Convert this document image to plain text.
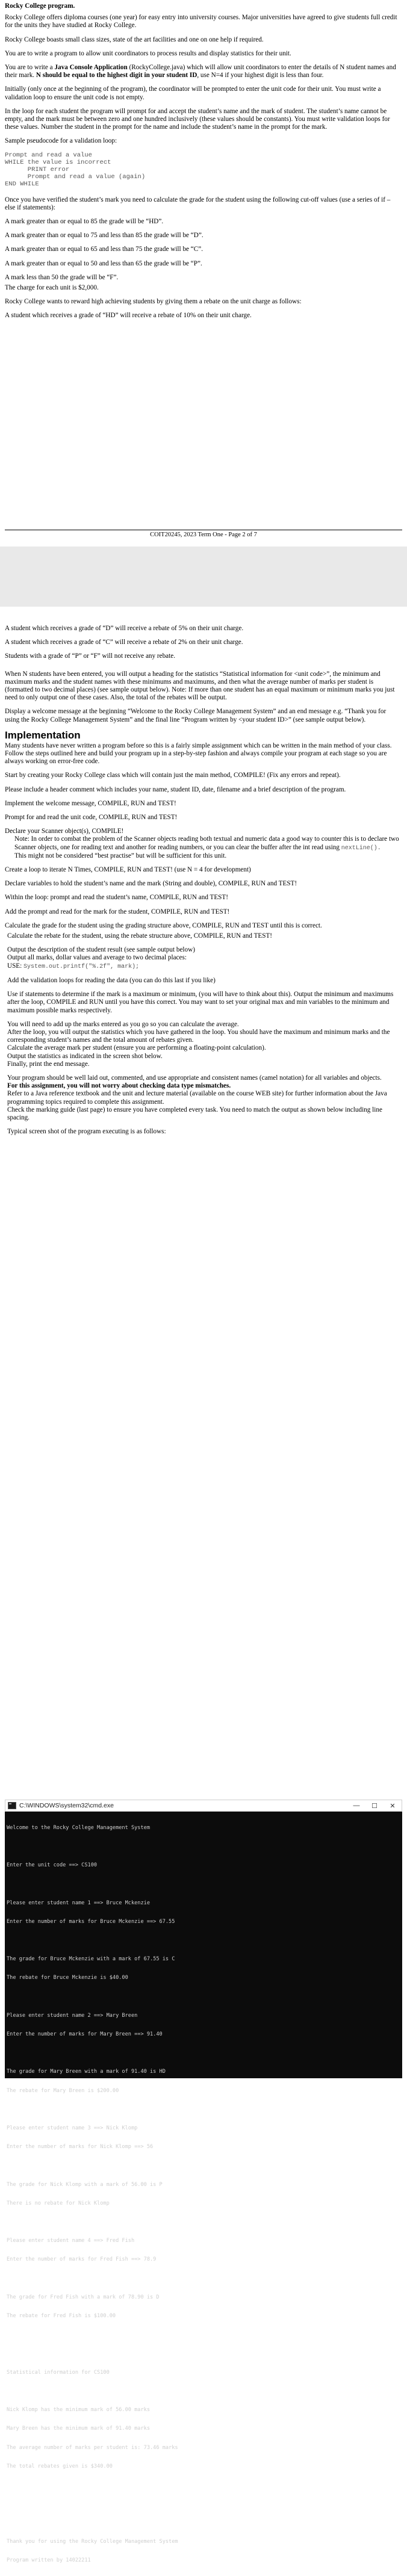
Rocky College program.

Rocky College offers diploma courses (one year) for easy entry into university courses. Major universities have agreed to give students full credit for the units they have studied at Rocky College.

Rocky College boasts small class sizes, state of the art facilities and one on one help if required.

You are to write a program to allow unit coordinators to process results and display statistics for their unit.

You are to write a Java Console Application (RockyCollege.java) which will allow unit coordinators to enter the details of N student names and their mark. N should be equal to the highest digit in your student ID, use N=4 if your highest digit is less than four.

Initially (only once at the beginning of the program), the coordinator will be prompted to enter the unit code for their unit. You must write a validation loop to ensure the unit code is not empty.

In the loop for each student the program will prompt for and accept the student’s name and the mark of student. The student’s name cannot be empty, and the mark must be between zero and one hundred inclusively (these values should be constants). You must write validation loops for these values. Number the student in the prompt for the name and include the student’s name in the prompt for the mark.

Sample pseudocode for a validation loop:

Prompt and read a value
WHILE the value is incorrect
PRINT error
Prompt and read a value (again)
END WHILE

Once you have verified the student’s mark you need to calculate the grade for the student using the following cut-off values (use a series of if – else if statements):

A mark greater than or equal to 85 the grade will be “HD”.

A mark greater than or equal to 75 and less than 85 the grade will be “D”.

A mark greater than or equal to 65 and less than 75 the grade will be “C”.

A mark greater than or equal to 50 and less than 65 the grade will be “P”.

A mark less than 50 the grade will be “F”.

The charge for each unit is $2,000.

Rocky College wants to reward high achieving students by giving them a rebate on the unit charge as follows:

A student which receives a grade of “HD” will receive a rebate of 10% on their unit charge.

COIT20245, 2023 Term One - Page 2 of 7

A student which receives a grade of “D” will receive a rebate of 5% on their unit charge.

A student which receives a grade of “C” will receive a rebate of 2% on their unit charge.

Students with a grade of “P” or “F” will not receive any rebate.

When N students have been entered, you will output a heading for the statistics “Statistical information for <unit code>”, the minimum and maximum marks and the student names with these minimums and maximums, and then what the average number of marks per student is (formatted to two decimal places) (see sample output below). Note: If more than one student has an equal maximum or minimum marks you just need to only output one of these cases. Also, the total of the rebates will be output.

Display a welcome message at the beginning “Welcome to the Rocky College Management System” and an end message e.g. “Thank you for using the Rocky College Management System” and the final line “Program written by <your student ID>” (see sample output below).

Implementation

Many students have never written a program before so this is a fairly simple assignment which can be written in the main method of your class. Follow the steps outlined here and build your program up in a step-by-step fashion and always compile your program at each stage so you are always working on error-free code.

Start by creating your Rocky College class which will contain just the main method, COMPILE! (Fix any errors and repeat).

Please include a header comment which includes your name, student ID, date, filename and a brief description of the program.

Implement the welcome message, COMPILE, RUN and TEST!

Prompt for and read the unit code, COMPILE, RUN and TEST!

Declare your Scanner object(s), COMPILE!

Note: In order to combat the problem of the Scanner objects reading both textual and numeric data a good way to counter this is to declare two Scanner objects, one for reading text and another for reading numbers, or you can clear the buffer after the int read using nextLine().
This might not be considered “best practise” but will be sufficient for this unit.

Create a loop to iterate N Times, COMPILE, RUN and TEST! (use N = 4 for development)

Declare variables to hold the student’s name and the mark (String and double), COMPILE, RUN and TEST!

Within the loop: prompt and read the student’s name, COMPILE, RUN and TEST!

Add the prompt and read for the mark for the student, COMPILE, RUN and TEST!

Calculate the grade for the student using the grading structure above, COMPILE, RUN and TEST until this is correct.

Calculate the rebate for the student, using the rebate structure above, COMPILE, RUN and TEST!

Output the description of the student result (see sample output below)

Output all marks, dollar values and average to two decimal places:

USE: System.out.printf("%.2f", mark);

Add the validation loops for reading the data (you can do this last if you like)

Use if statements to determine if the mark is a maximum or minimum, (you will have to think about this). Output the minimum and maximums after the loop, COMPILE and RUN until you have this correct. You may want to set your original max and min variables to the minimum and maximum possible marks respectively.

You will need to add up the marks entered as you go so you can calculate the average.

After the loop, you will output the statistics which you have gathered in the loop. You should have the maximum and minimum marks and the corresponding student’s names and the total amount of rebates given.

Calculate the average mark per student (ensure you are performing a floating-point calculation).

Output the statistics as indicated in the screen shot below.

Finally, print the end message.

Your program should be well laid out, commented, and use appropriate and consistent names (camel notation) for all variables and objects.

For this assignment, you will not worry about checking data type mismatches.

Refer to a Java reference textbook and the unit and lecture material (available on the course WEB site) for further information about the Java programming topics required to complete this assignment.

Check the marking guide (last page) to ensure you have completed every task. You need to match the output as shown below including line spacing.

Typical screen shot of the program executing is as follows:

C:\WINDOWS\system32\cmd.exe	—	☐	✕

Welcome to the Rocky College Management System

Enter the unit code ==> CS100

Please enter student name 1 ==> Bruce Mckenzie

Enter the number of marks for Bruce Mckenzie ==> 67.55

The grade for Bruce Mckenzie with a mark of 67.55 is C

The rebate for Bruce Mckenzie is $40.00

Please enter student name 2 ==> Mary Breen

Enter the number of marks for Mary Breen ==> 91.40

The grade for Mary Breen with a mark of 91.40 is HD

The rebate for Mary Breen is $200.00

Please enter student name 3 ==> Nick Klomp

Enter the number of marks for Nick Klomp ==> 56

The grade for Nick Klomp with a mark of 56.00 is P

There is no rebate for Nick Klomp

Please enter student name 4 ==> Fred Fish

Enter the number of marks for Fred Fish ==> 78.9

The grade for Fred Fish with a mark of 78.90 is D

The rebate for Fred Fish is $100.00

Statistical information for CS100

Nick Klomp has the minimum mark of 56.00 marks

Mary Breen has the minimum mark of 91.40 marks

The average number of marks per student is: 73.46 marks

The total rebates given is $340.00

Thank you for using the Rocky College Management System

Program written by 14022211
